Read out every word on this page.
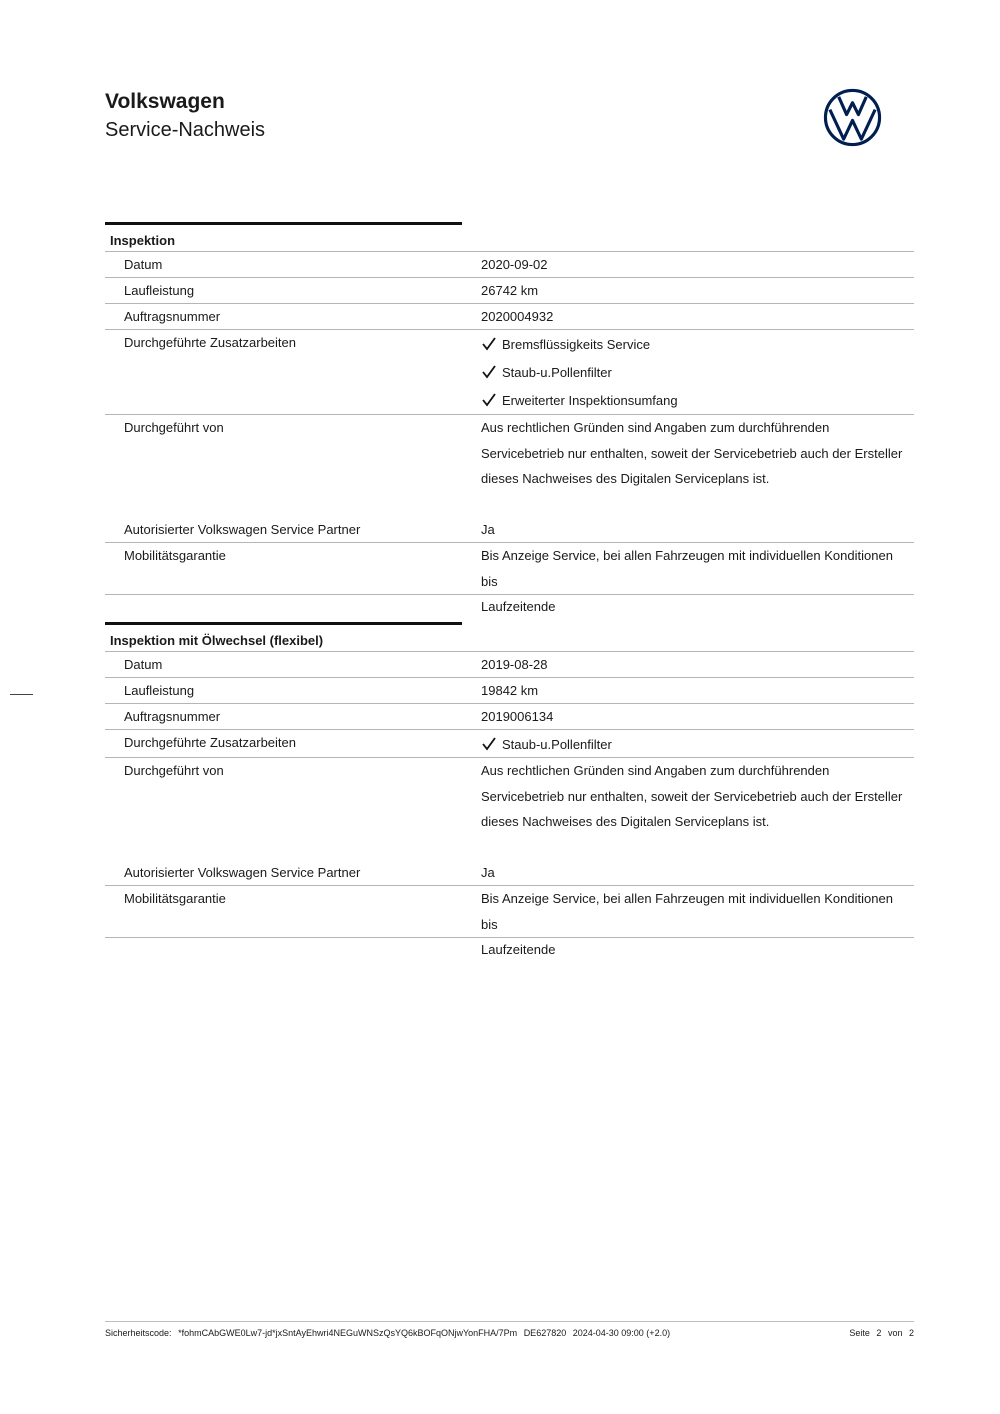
Volkswagen
Service-Nachweis
Inspektion
Datum	2020-09-02
Laufleistung	26742 km
Auftragsnummer	2020004932
Durchgeführte Zusatzarbeiten	Bremsflüssigkeits Service
Staub-u.Pollenfilter
Erweiterter Inspektionsumfang
Durchgeführt von	Aus rechtlichen Gründen sind Angaben zum durchführenden
Servicebetrieb nur enthalten, soweit der Servicebetrieb auch der Ersteller
dieses Nachweises des Digitalen Serviceplans ist.
Autorisierter Volkswagen Service Partner	Ja
Mobilitätsgarantie	Bis Anzeige Service, bei allen Fahrzeugen mit individuellen Konditionen bis
Laufzeitende
Inspektion mit Ölwechsel (flexibel)
Datum	2019-08-28
Laufleistung	19842 km
Auftragsnummer	2019006134
Durchgeführte Zusatzarbeiten	Staub-u.Pollenfilter
Durchgeführt von	Aus rechtlichen Gründen sind Angaben zum durchführenden
Servicebetrieb nur enthalten, soweit der Servicebetrieb auch der Ersteller
dieses Nachweises des Digitalen Serviceplans ist.
Autorisierter Volkswagen Service Partner	Ja
Mobilitätsgarantie	Bis Anzeige Service, bei allen Fahrzeugen mit individuellen Konditionen bis
Laufzeitende
Sicherheitscode: *fohmCAbGWE0Lw7-jd*jxSntAyEhwri4NEGuWNSzQsYQ6kBOFqONjwYonFHA/7Pm DE627820 2024-04-30 09:00 (+2.0)	Seite 2 von 2
